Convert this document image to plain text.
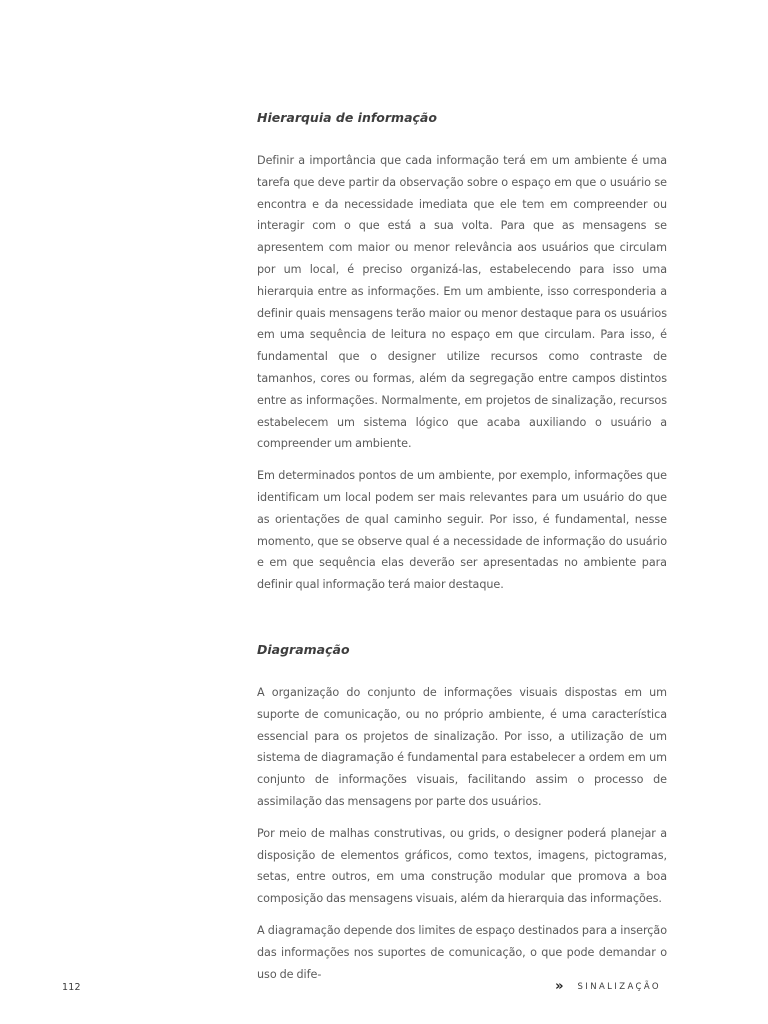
Hierarquia de informação

Definir a importância que cada informação terá em um ambiente é uma tarefa que deve partir da observação sobre o espaço em que o usuário se encontra e da necessidade imediata que ele tem em compreender ou interagir com o que está a sua volta. Para que as mensagens se apresentem com maior ou menor relevância aos usuários que circulam por um local, é preciso organizá-las, estabelecendo para isso uma hierarquia entre as informações. Em um ambiente, isso corresponderia a definir quais mensagens terão maior ou menor destaque para os usuários em uma sequência de leitura no espaço em que circulam. Para isso, é fundamental que o designer utilize recursos como contraste de tamanhos, cores ou formas, além da segregação entre campos distintos entre as informações. Normalmente, em projetos de sinalização, recursos estabelecem um sistema lógico que acaba auxiliando o usuário a compreender um ambiente.

Em determinados pontos de um ambiente, por exemplo, informações que identificam um local podem ser mais relevantes para um usuário do que as orientações de qual caminho seguir. Por isso, é fundamental, nesse momento, que se observe qual é a necessidade de informação do usuário e em que sequência elas deverão ser apresentadas no ambiente para definir qual informação terá maior destaque.

Diagramação

A organização do conjunto de informações visuais dispostas em um suporte de comunicação, ou no próprio ambiente, é uma característica essencial para os projetos de sinalização. Por isso, a utilização de um sistema de diagramação é fundamental para estabelecer a ordem em um conjunto de informações visuais, facilitando assim o processo de assimilação das mensagens por parte dos usuários.

Por meio de malhas construtivas, ou grids, o designer poderá planejar a disposição de elementos gráficos, como textos, imagens, pictogramas, setas, entre outros, em uma construção modular que promova a boa composição das mensagens visuais, além da hierarquia das informações.

A diagramação depende dos limites de espaço destinados para a inserção das informações nos suportes de comunicação, o que pode demandar o uso de dife-

112	» SINALIZAÇÃO
